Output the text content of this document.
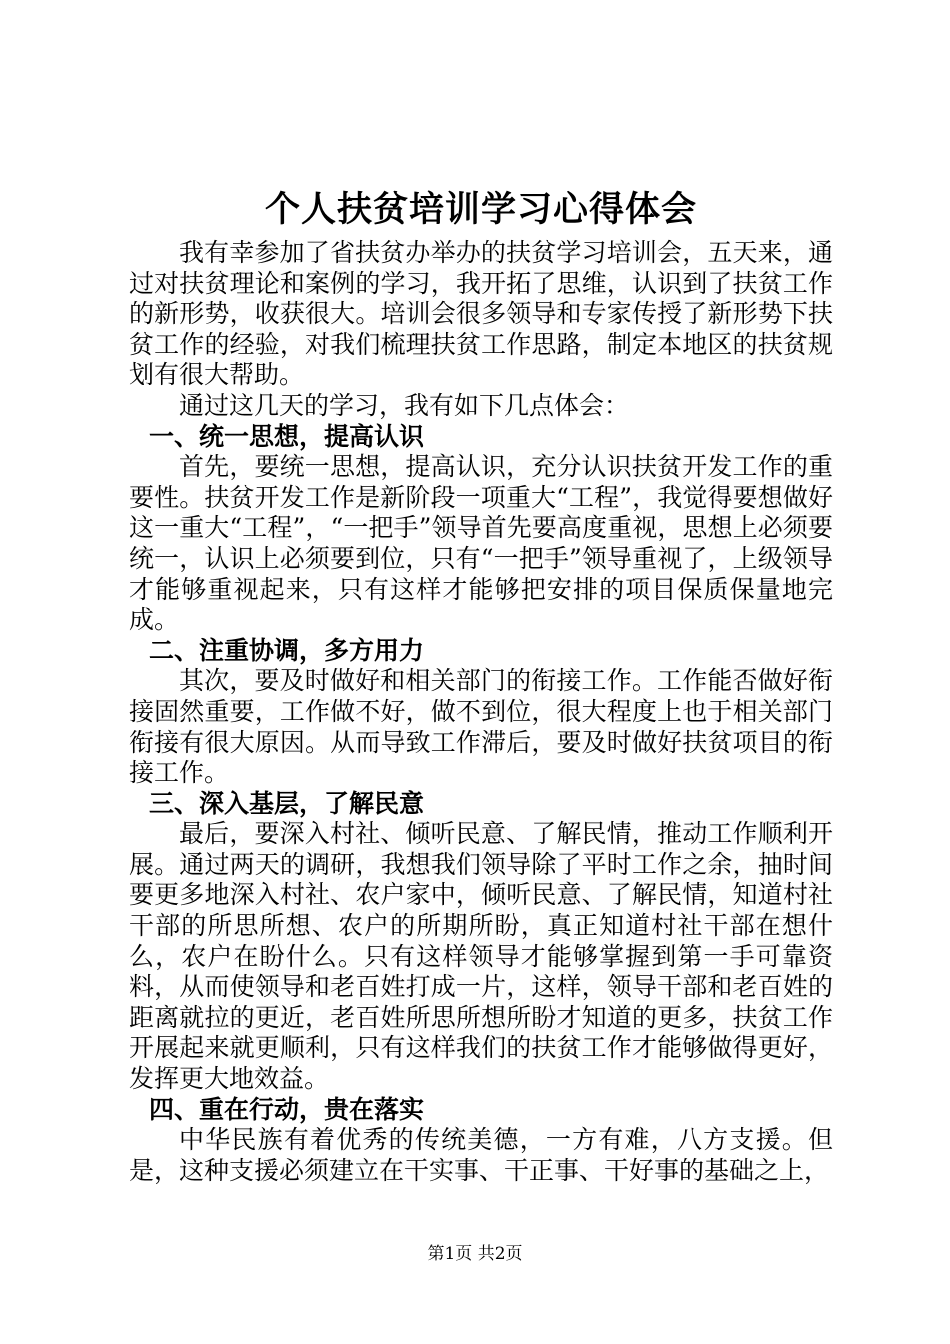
个人扶贫培训学习心得体会

我有幸参加了省扶贫办举办的扶贫学习培训会，五天来，通过对扶贫理论和案例的学习，我开拓了思维，认识到了扶贫工作的新形势，收获很大。培训会很多领导和专家传授了新形势下扶贫工作的经验，对我们梳理扶贫工作思路，制定本地区的扶贫规划有很大帮助。

通过这几天的学习，我有如下几点体会：

一、统一思想，提高认识

首先，要统一思想，提高认识，充分认识扶贫开发工作的重要性。扶贫开发工作是新阶段一项重大“工程”，我觉得要想做好这一重大“工程”，“一把手”领导首先要高度重视，思想上必须要统一，认识上必须要到位，只有“一把手”领导重视了，上级领导才能够重视起来，只有这样才能够把安排的项目保质保量地完成。

二、注重协调，多方用力

其次，要及时做好和相关部门的衔接工作。工作能否做好衔接固然重要，工作做不好，做不到位，很大程度上也于相关部门衔接有很大原因。从而导致工作滞后，要及时做好扶贫项目的衔接工作。

三、深入基层，了解民意

最后，要深入村社、倾听民意、了解民情，推动工作顺利开展。通过两天的调研，我想我们领导除了平时工作之余，抽时间要更多地深入村社、农户家中，倾听民意、了解民情，知道村社干部的所思所想、农户的所期所盼，真正知道村社干部在想什么，农户在盼什么。只有这样领导才能够掌握到第一手可靠资料，从而使领导和老百姓打成一片，这样，领导干部和老百姓的距离就拉的更近，老百姓所思所想所盼才知道的更多，扶贫工作开展起来就更顺利，只有这样我们的扶贫工作才能够做得更好，发挥更大地效益。

四、重在行动，贵在落实

中华民族有着优秀的传统美德，一方有难，八方支援。但是，这种支援必须建立在干实事、干正事、干好事的基础之上，

第1页 共2页
